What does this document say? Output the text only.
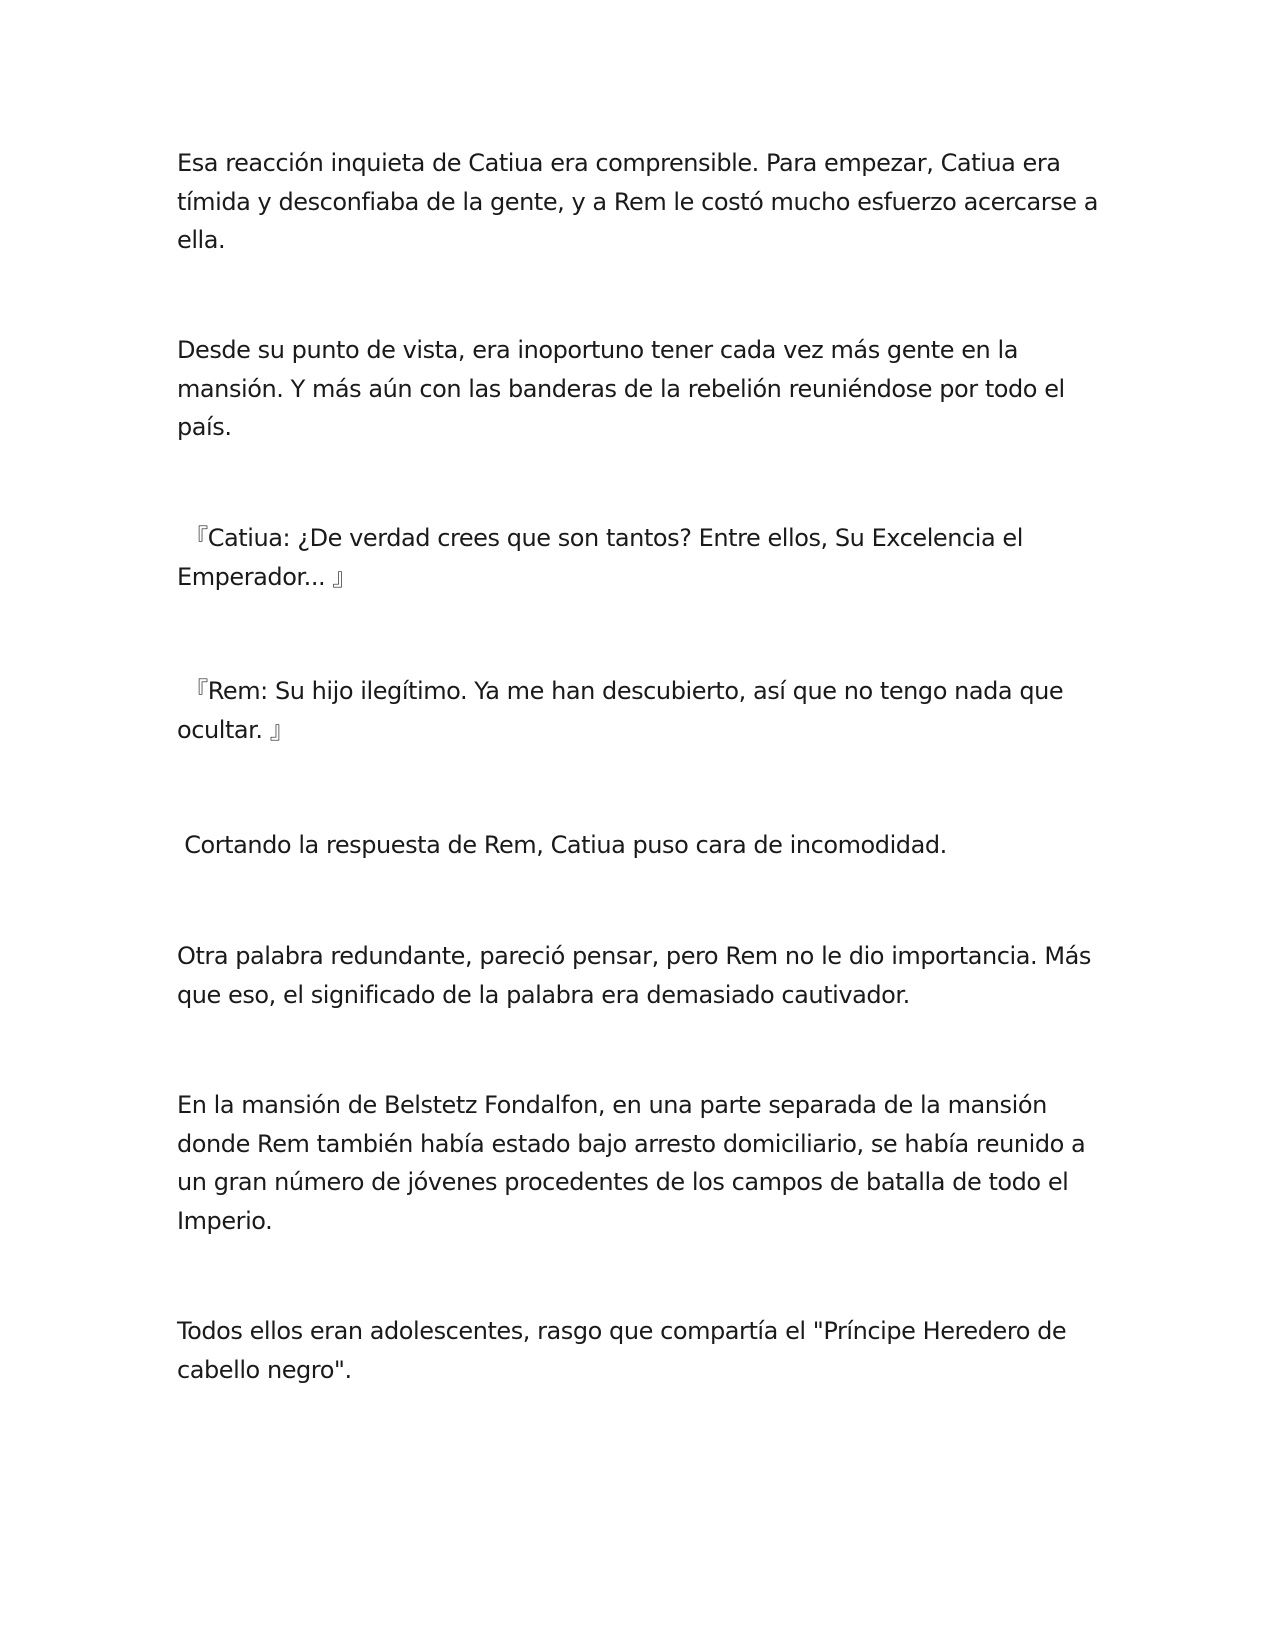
Esa reacción inquieta de Catiua era comprensible. Para empezar, Catiua era tímida y desconfiaba de la gente, y a Rem le costó mucho esfuerzo acercarse a ella.

Desde su punto de vista, era inoportuno tener cada vez más gente en la mansión. Y más aún con las banderas de la rebelión reuniéndose por todo el país.

『Catiua: ¿De verdad crees que son tantos? Entre ellos, Su Excelencia el Emperador... 』

『Rem: Su hijo ilegítimo. Ya me han descubierto, así que no tengo nada que ocultar. 』

Cortando la respuesta de Rem, Catiua puso cara de incomodidad.

Otra palabra redundante, pareció pensar, pero Rem no le dio importancia. Más que eso, el significado de la palabra era demasiado cautivador.

En la mansión de Belstetz Fondalfon, en una parte separada de la mansión donde Rem también había estado bajo arresto domiciliario, se había reunido a un gran número de jóvenes procedentes de los campos de batalla de todo el Imperio.

Todos ellos eran adolescentes, rasgo que compartía el "Príncipe Heredero de cabello negro".
